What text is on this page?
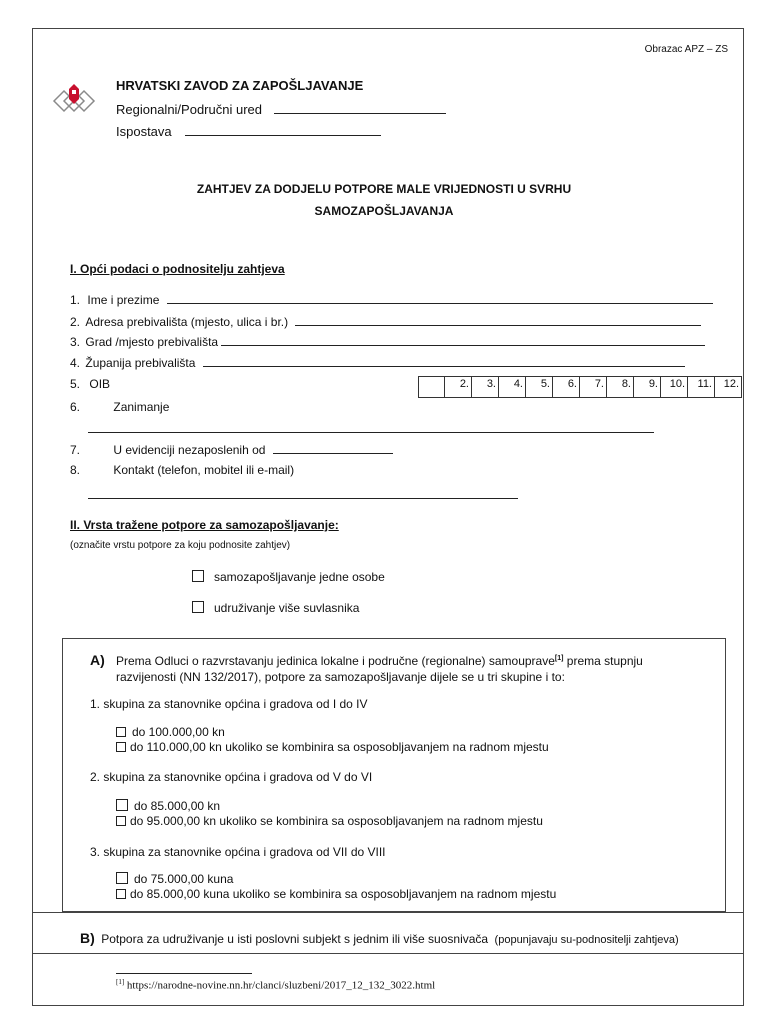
Obrazac APZ – ZS
HRVATSKI ZAVOD ZA ZAPOŠLJAVANJE
Regionalni/Područni ured
Ispostava
ZAHTJEV ZA DODJELU POTPORE MALE VRIJEDNOSTI U SVRHU
SAMOZAPOŠLJAVANJA
I. Opći podaci o podnositelju zahtjeva
1. Ime i prezime
2. Adresa prebivališta (mjesto, ulica i br.)
3. Grad /mjesto prebivališta
4. Županija prebivališta
5. OIB	2.	3.	4.	5.	6.	7.	8.	9.	10.	11.	12.
6.	Zanimanje
7.	U evidenciji nezaposlenih od
8.	Kontakt (telefon, mobitel ili e-mail)
II. Vrsta tražene potpore za samozapošljavanje:
(označite vrstu potpore za koju podnosite zahtjev)
samozapošljavanje jedne osobe
udruživanje više suvlasnika
A) Prema Odluci o razvrstavanju jedinica lokalne i područne (regionalne) samouprave[1] prema stupnju
razvijenosti (NN 132/2017), potpore za samozapošljavanje dijele se u tri skupine i to:
1. skupina za stanovnike općina i gradova od I do IV
do 100.000,00 kn
do 110.000,00 kn ukoliko se kombinira sa osposobljavanjem na radnom mjestu
2. skupina za stanovnike općina i gradova od V do VI
do 85.000,00 kn
do 95.000,00 kn ukoliko se kombinira sa osposobljavanjem na radnom mjestu
3. skupina za stanovnike općina i gradova od VII do VIII
do 75.000,00 kuna
do 85.000,00 kuna ukoliko se kombinira sa osposobljavanjem na radnom mjestu
B) Potpora za udruživanje u isti poslovni subjekt s jednim ili više suosnivača (popunjavaju su-podnositelji zahtjeva)
[1] https://narodne-novine.nn.hr/clanci/sluzbeni/2017_12_132_3022.html
